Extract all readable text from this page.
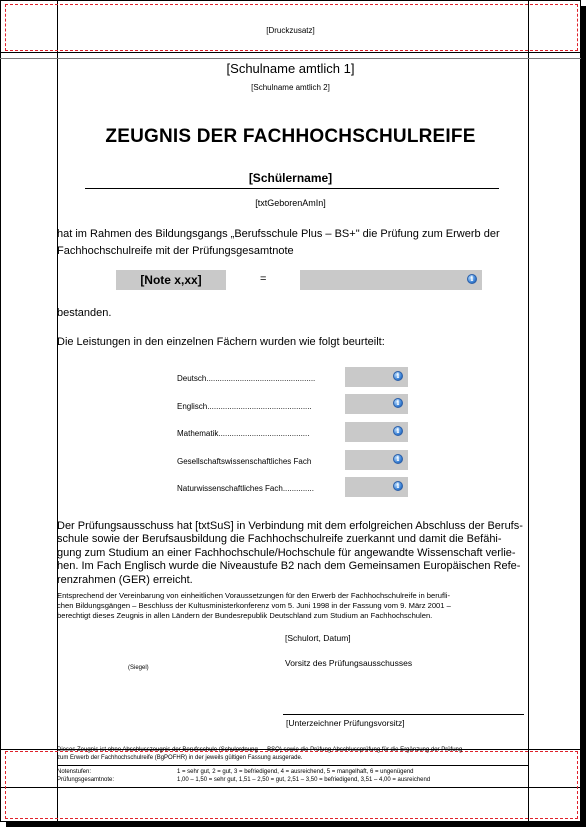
[Druckzusatz]
[Schulname amtlich 1]
[Schulname amtlich 2]
ZEUGNIS DER FACHHOCHSCHULREIFE
[Schülername]
[txtGeborenAmIn]
hat im Rahmen des Bildungsgangs „Berufsschule Plus – BS+" die Prüfung zum Erwerb der
Fachhochschulreife mit der Prüfungsgesamtnote
[Note x,xx]	=	i
bestanden.
Die Leistungen in den einzelnen Fächern wurden wie folgt beurteilt:
Deutsch.................................................	i
Englisch...............................................	i
Mathematik.........................................	i
Gesellschaftswissenschaftliches Fach	i
Naturwissenschaftliches Fach..............	i
Der Prüfungsausschuss hat [txtSuS] in Verbindung mit dem erfolgreichen Abschluss der Berufs-
schule sowie der Berufsausbildung die Fachhochschulreife zuerkannt und damit die Befähi-
gung zum Studium an einer Fachhochschule/Hochschule für angewandte Wissenschaft verlie-
hen. Im Fach Englisch wurde die Niveaustufe B2 nach dem Gemeinsamen Europäischen Refe-
renzrahmen (GER) erreicht.
Entsprechend der Vereinbarung von einheitlichen Voraussetzungen für den Erwerb der Fachhochschulreife in berufli-
chen Bildungsgängen – Beschluss der Kultusministerkonferenz vom 5. Juni 1998 in der Fassung vom 9. März 2001 –
berechtigt dieses Zeugnis in allen Ländern der Bundesrepublik Deutschland zum Studium an Fachhochschulen.
[Schulort, Datum]
Vorsitz des Prüfungsausschusses
(Siegel)
[Unterzeichner Prüfungsvorsitz]
Dieses Zeugnis ist ohne Abschlusszeugnis der Berufsschule (Schulordnung — BSO) sowie die Prüfung Abschlussprüfung für die Ergänzung der Prüfung
zum Erwerb der Fachhochschulreife (BgPOFHR) in der jeweils gültigen Fassung ausgerade.
Notenstufen:	1 = sehr gut, 2 = gut, 3 = befriedigend, 4 = ausreichend, 5 = mangelhaft, 6 = ungenügend
Prüfungsgesamtnote:	1,00 – 1,50 = sehr gut, 1,51 – 2,50 = gut, 2,51 – 3,50 = befriedigend, 3,51 – 4,00 = ausreichend
